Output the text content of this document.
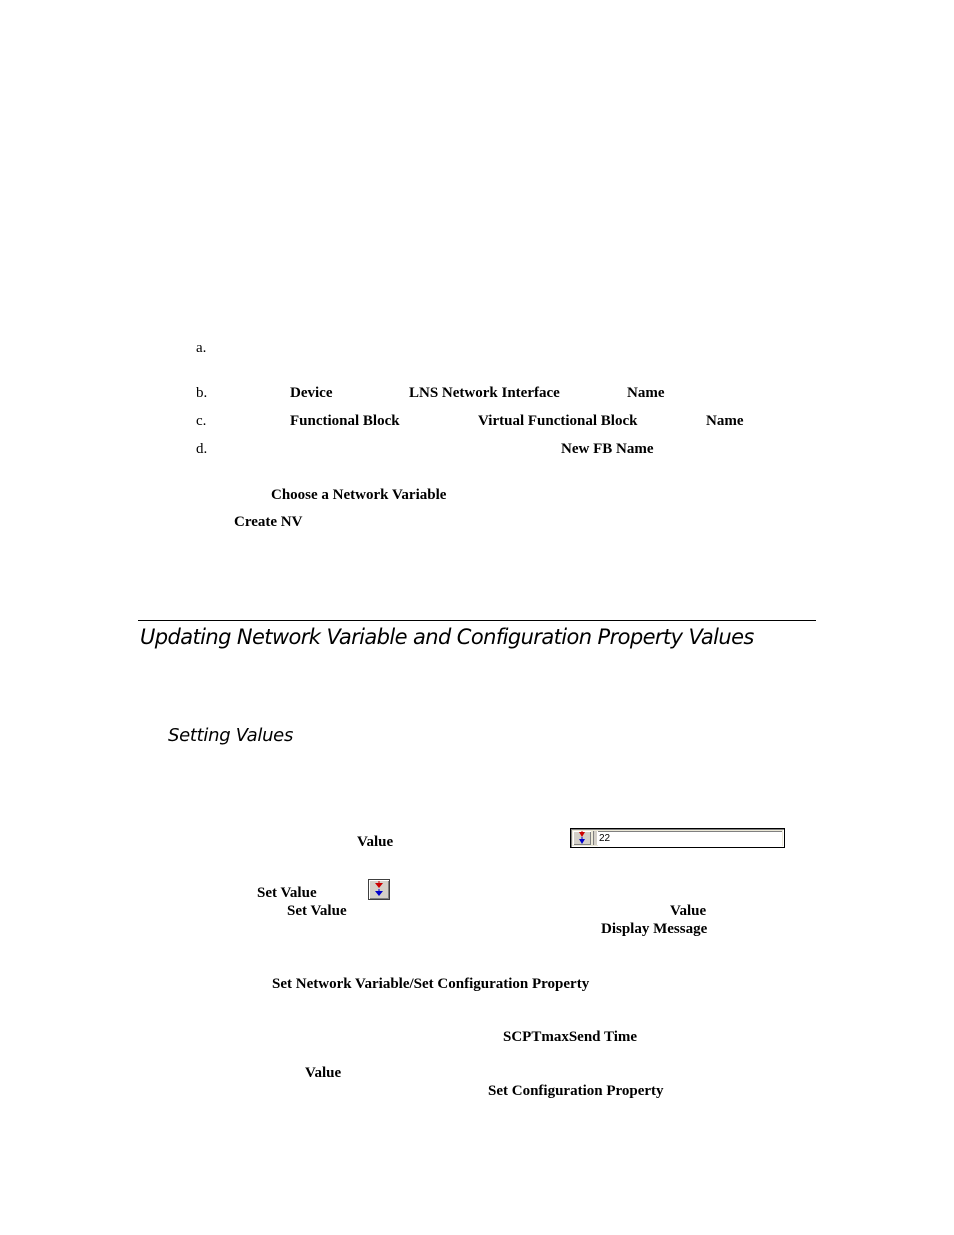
a.
b.	Device	LNS Network Interface	Name
c.	Functional Block	Virtual Functional Block	Name
d.	New FB Name
Choose a Network Variable
Create NV
Updating Network Variable and Configuration Property Values
Setting Values
Value	22
Set Value
Set Value	Value
Display Message
Set Network Variable/Set Configuration Property
SCPTmaxSend Time
Value
Set Configuration Property
